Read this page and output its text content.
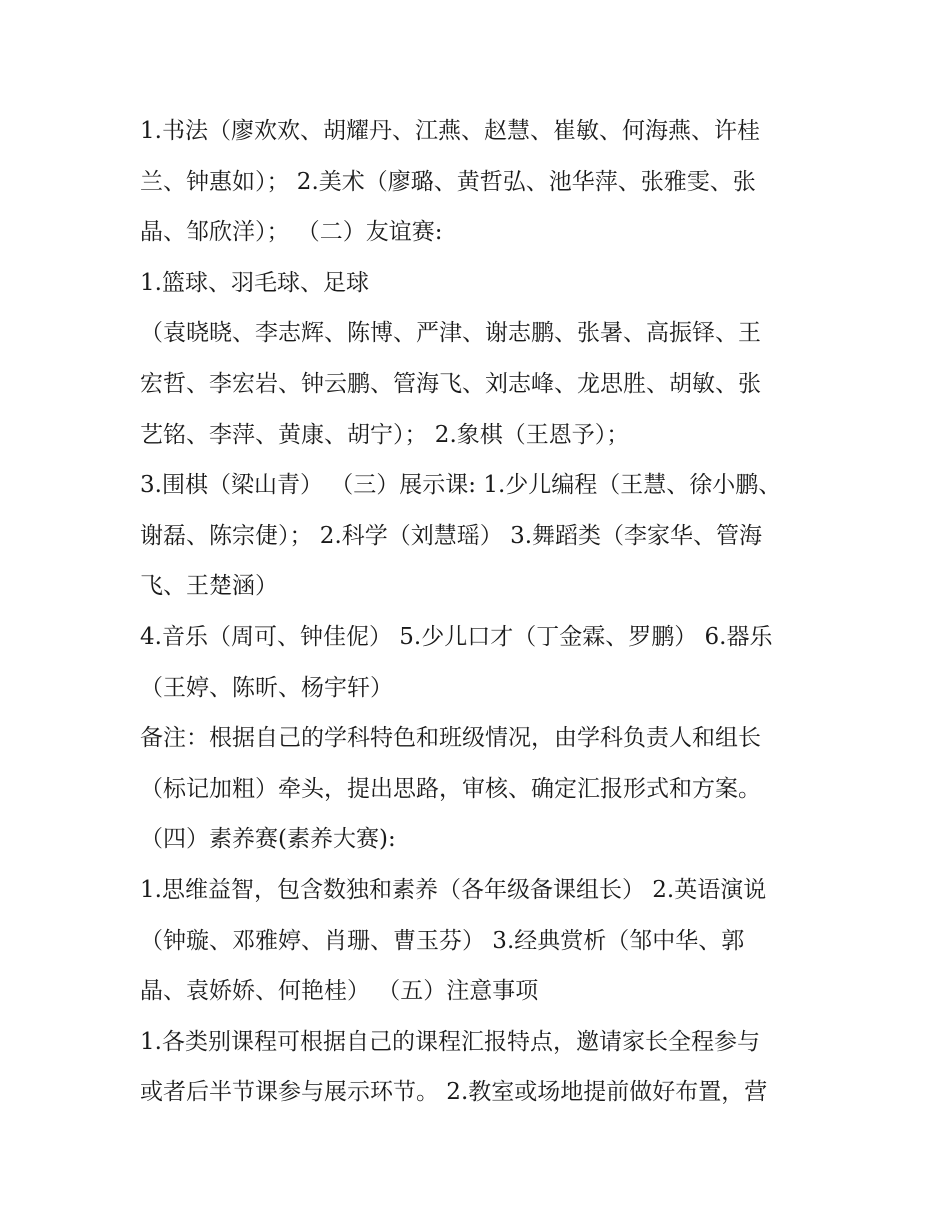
1.书法（廖欢欢、胡耀丹、江燕、赵慧、崔敏、何海燕、许桂

兰、钟惠如）； 2.美术（廖璐、黄哲弘、池华萍、张雅雯、张

晶、邹欣洋）； （二）友谊赛:

1.篮球、羽毛球、足球

（袁晓晓、李志辉、陈博、严津、谢志鹏、张暑、高振铎、王

宏哲、李宏岩、钟云鹏、管海飞、刘志峰、龙思胜、胡敏、张

艺铭、李萍、黄康、胡宁）； 2.象棋（王恩予）；

3.围棋（梁山青） （三）展示课: 1.少儿编程（王慧、徐小鹏、

谢磊、陈宗倢）； 2.科学（刘慧瑶） 3.舞蹈类（李家华、管海

飞、王楚涵）

4.音乐（周可、钟佳伲） 5.少儿口才（丁金霖、罗鹏） 6.器乐

（王婷、陈昕、杨宇轩）

备注：根据自己的学科特色和班级情况，由学科负责人和组长

（标记加粗）牵头，提出思路，审核、确定汇报形式和方案。

（四）素养赛(素养大赛):

1.思维益智，包含数独和素养（各年级备课组长） 2.英语演说

（钟璇、邓雅婷、肖珊、曹玉芬） 3.经典赏析（邹中华、郭

晶、袁娇娇、何艳桂） （五）注意事项

1.各类别课程可根据自己的课程汇报特点，邀请家长全程参与

或者后半节课参与展示环节。 2.教室或场地提前做好布置，营
